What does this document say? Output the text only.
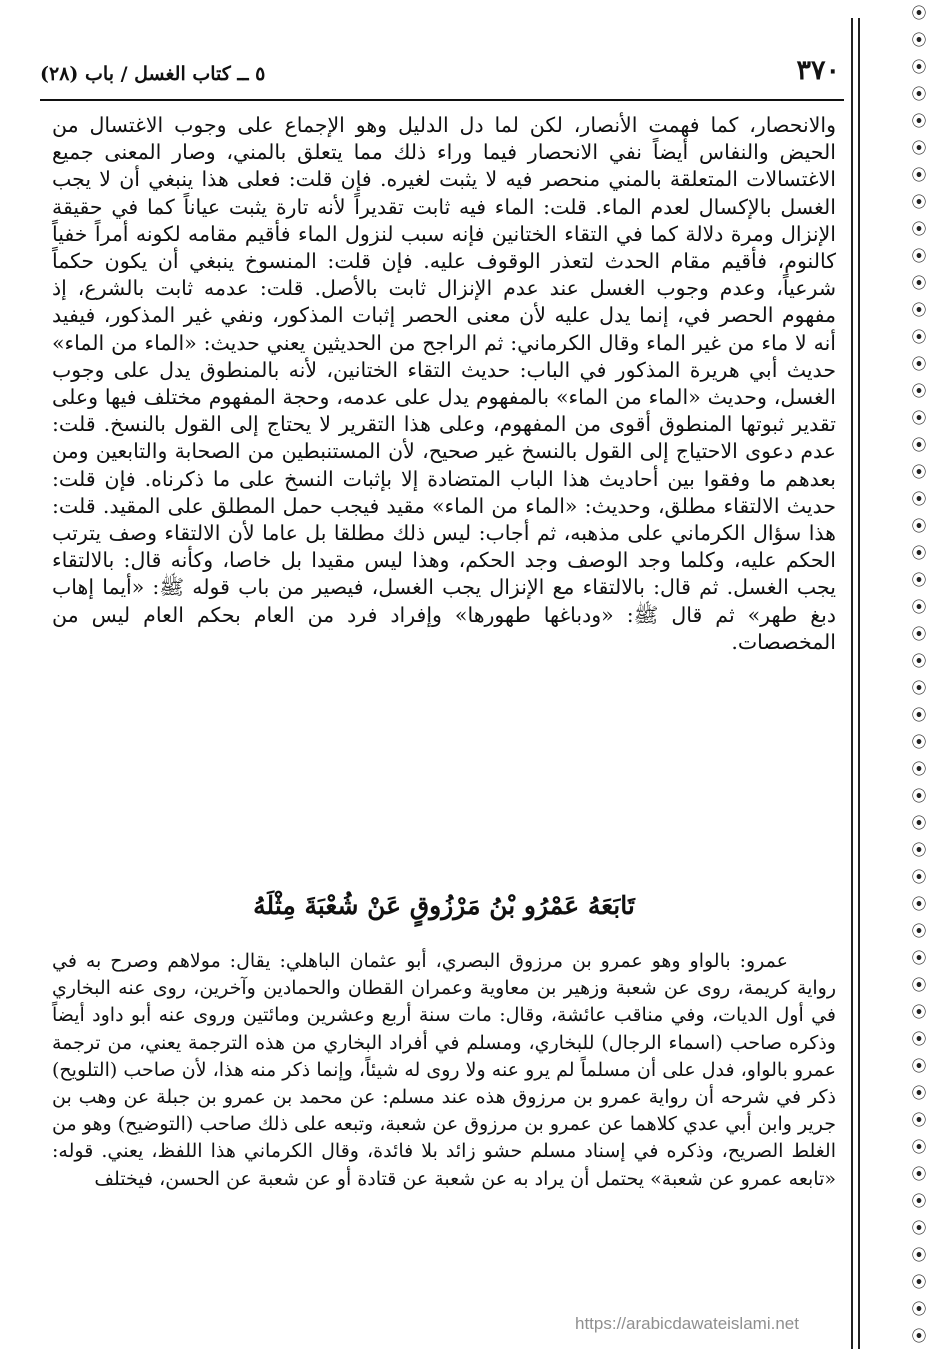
⦿
⦿
⦿
⦿
⦿
⦿
⦿
⦿
⦿
⦿
⦿
⦿
⦿
⦿
⦿
⦿
⦿
⦿
⦿
⦿
⦿
⦿
⦿
⦿
⦿
⦿
⦿
⦿
⦿
⦿
⦿
⦿
⦿
⦿
⦿
⦿
⦿
⦿
⦿
⦿
⦿
⦿
⦿
⦿
⦿
⦿
⦿
⦿
⦿
⦿
٣٧٠
٥ ــ كتاب الغسل / باب (٢٨)

والانحصار، كما فهمت الأنصار، لكن لما دل الدليل وهو الإجماع على وجوب الاغتسال من الحيض والنفاس أيضاً نفي الانحصار فيما وراء ذلك مما يتعلق بالمني، وصار المعنى جميع الاغتسالات المتعلقة بالمني منحصر فيه لا يثبت لغيره. فإن قلت: فعلى هذا ينبغي أن لا يجب الغسل بالإكسال لعدم الماء. قلت: الماء فيه ثابت تقديراً لأنه تارة يثبت عياناً كما في حقيقة الإنزال ومرة دلالة كما في التقاء الختانين فإنه سبب لنزول الماء فأقيم مقامه لكونه أمراً خفياً كالنوم، فأقيم مقام الحدث لتعذر الوقوف عليه. فإن قلت: المنسوخ ينبغي أن يكون حكماً شرعياً، وعدم وجوب الغسل عند عدم الإنزال ثابت بالأصل. قلت: عدمه ثابت بالشرع، إذ مفهوم الحصر في، إنما يدل عليه لأن معنى الحصر إثبات المذكور، ونفي غير المذكور، فيفيد أنه لا ماء من غير الماء وقال الكرماني: ثم الراجح من الحديثين يعني حديث: «الماء من الماء» حديث أبي هريرة المذكور في الباب: حديث التقاء الختانين، لأنه بالمنطوق يدل على وجوب الغسل، وحديث «الماء من الماء» بالمفهوم يدل على عدمه، وحجة المفهوم مختلف فيها وعلى تقدير ثبوتها المنطوق أقوى من المفهوم، وعلى هذا التقرير لا يحتاج إلى القول بالنسخ. قلت: عدم دعوى الاحتياج إلى القول بالنسخ غير صحيح، لأن المستنبطين من الصحابة والتابعين ومن بعدهم ما وفقوا بين أحاديث هذا الباب المتضادة إلا بإثبات النسخ على ما ذكرناه. فإن قلت: حديث الالتقاء مطلق، وحديث: «الماء من الماء» مقيد فيجب حمل المطلق على المقيد. قلت: هذا سؤال الكرماني على مذهبه، ثم أجاب: ليس ذلك مطلقا بل عاما لأن الالتقاء وصف يترتب الحكم عليه، وكلما وجد الوصف وجد الحكم، وهذا ليس مقيدا بل خاصا، وكأنه قال: بالالتقاء يجب الغسل. ثم قال: بالالتقاء مع الإنزال يجب الغسل، فيصير من باب قوله ﷺ: «أيما إهاب دبغ طهر» ثم قال ﷺ: «ودباغها طهورها» وإفراد فرد من العام بحكم العام ليس من المخصصات.

تَابَعَهُ عَمْرُو بْنُ مَرْزُوقٍ عَنْ شُعْبَةَ مِثْلَهُ

عمرو: بالواو وهو عمرو بن مرزوق البصري، أبو عثمان الباهلي: يقال: مولاهم وصرح به في رواية كريمة، روى عن شعبة وزهير بن معاوية وعمران القطان والحمادين وآخرين، روى عنه البخاري في أول الديات، وفي مناقب عائشة، وقال: مات سنة أربع وعشرين ومائتين وروى عنه أبو داود أيضاً وذكره صاحب (اسماء الرجال) للبخاري، ومسلم في أفراد البخاري من هذه الترجمة يعني، من ترجمة عمرو بالواو، فدل على أن مسلماً لم يرو عنه ولا روى له شيئاً، وإنما ذكر منه هذا، لأن صاحب (التلويح) ذكر في شرحه أن رواية عمرو بن مرزوق هذه عند مسلم: عن محمد بن عمرو بن جبلة عن وهب بن جرير وابن أبي عدي كلاهما عن عمرو بن مرزوق عن شعبة، وتبعه على ذلك صاحب (التوضيح) وهو من الغلط الصريح، وذكره في إسناد مسلم حشو زائد بلا فائدة، وقال الكرماني هذا اللفظ، يعني. قوله: «تابعه عمرو عن شعبة» يحتمل أن يراد به عن شعبة عن قتادة أو عن شعبة عن الحسن، فيختلف

https://arabicdawateislami.net
